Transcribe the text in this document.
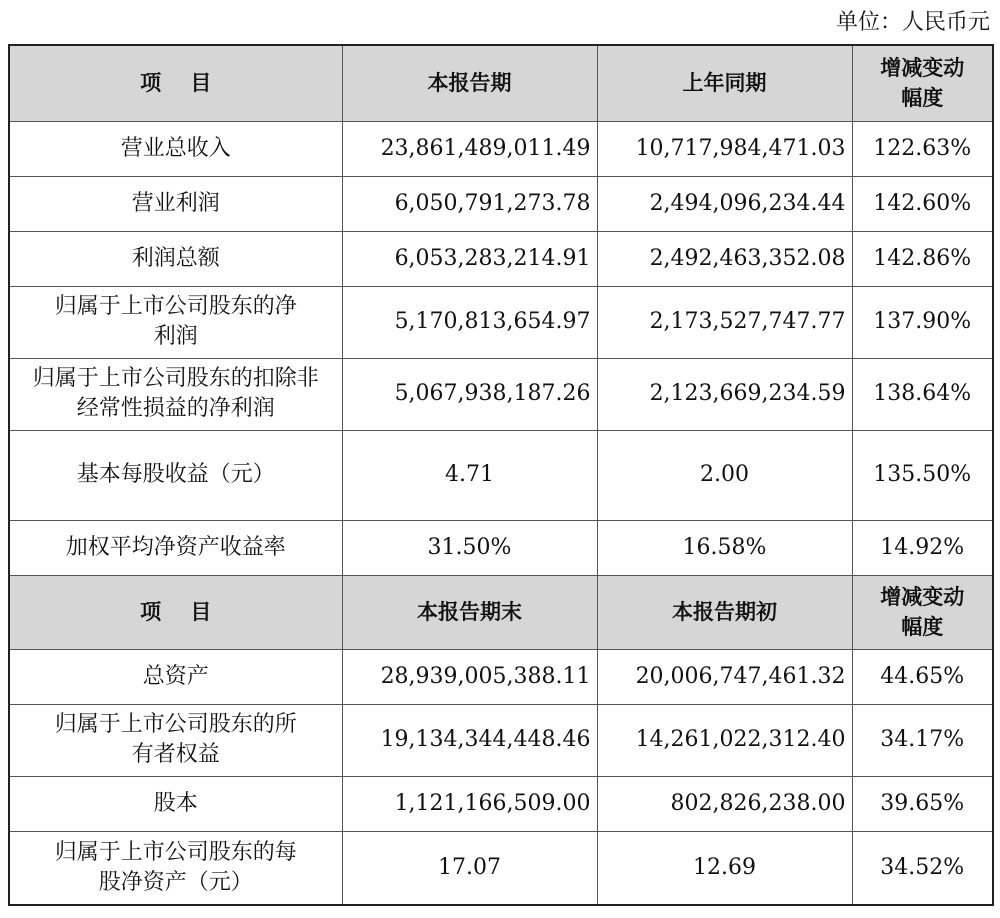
单位：人民币元
项    目	本报告期	上年同期	增减变动幅度
营业总收入	23,861,489,011.49	10,717,984,471.03	122.63%
营业利润	6,050,791,273.78	2,494,096,234.44	142.60%
利润总额	6,053,283,214.91	2,492,463,352.08	142.86%
归属于上市公司股东的净利润	5,170,813,654.97	2,173,527,747.77	137.90%
归属于上市公司股东的扣除非经常性损益的净利润	5,067,938,187.26	2,123,669,234.59	138.64%
基本每股收益（元）	4.71	2.00	135.50%
加权平均净资产收益率	31.50%	16.58%	14.92%
项    目	本报告期末	本报告期初	增减变动幅度
总资产	28,939,005,388.11	20,006,747,461.32	44.65%
归属于上市公司股东的所有者权益	19,134,344,448.46	14,261,022,312.40	34.17%
股本	1,121,166,509.00	802,826,238.00	39.65%
归属于上市公司股东的每股净资产（元）	17.07	12.69	34.52%
